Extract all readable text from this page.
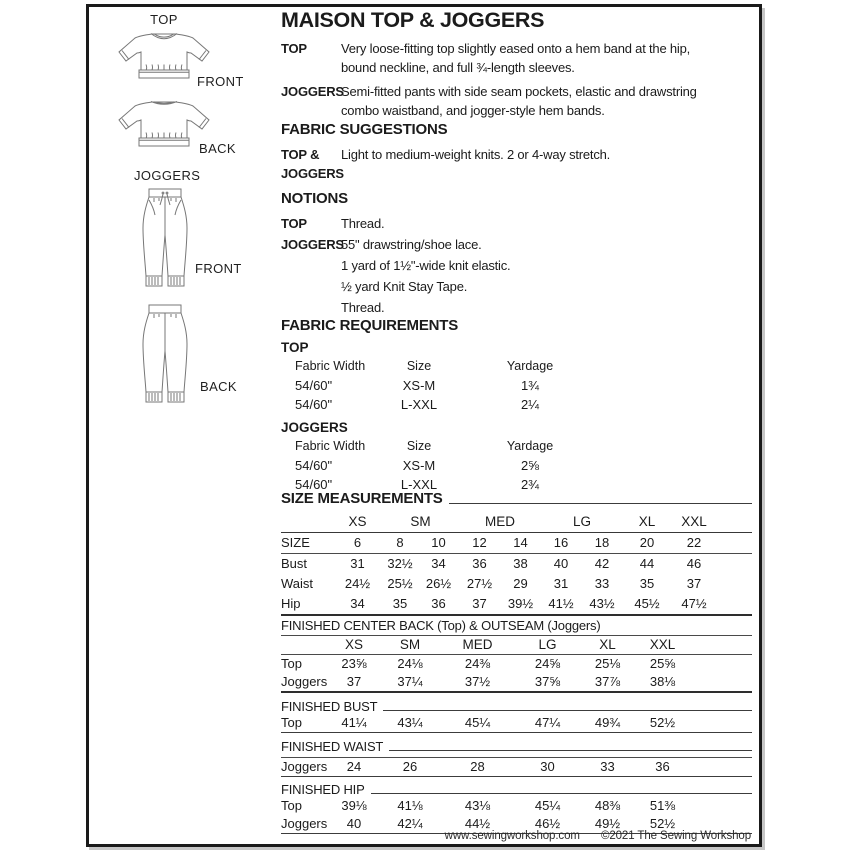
TOP
FRONT
BACK
JOGGERS
FRONT
BACK
MAISON TOP & JOGGERS
TOP	Very loose-fitting top slightly eased onto a hem band at the hip,
bound neckline, and full ¾-length sleeves.
JOGGERS
Semi-fitted pants with side seam pockets, elastic and drawstring
combo waistband, and jogger-style hem bands.
FABRIC SUGGESTIONS
TOP &	Light to medium-weight knits. 2 or 4-way stretch.
JOGGERS
NOTIONS
TOP	Thread.
JOGGERS
55" drawstring/shoe lace.
1 yard of 1½"-wide knit elastic.
½ yard Knit Stay Tape.
Thread.
FABRIC REQUIREMENTS
TOP
Fabric Width	Size	Yardage
54/60"	XS-M	1¾
54/60"	L-XXL	2¼
JOGGERS
Fabric Width	Size	Yardage
54/60"	XS-M	2⅝
54/60"	L-XXL	2¾
SIZE MEASUREMENTS
XS	SM	MED	LG	XL	XXL
SIZE	6	8	10	12	14	16	18	20	22
Bust	31	32½	34	36	38	40	42	44	46
Waist	24½	25½	26½	27½	29	31	33	35	37
Hip	34	35	36	37	39½	41½	43½	45½	47½
FINISHED CENTER BACK (Top) & OUTSEAM (Joggers)
XS	SM	MED	LG	XL	XXL
Top	23⅝	24⅛	24⅜	24⅝	25⅛	25⅝
Joggers	37	37¼	37½	37⅝	37⅞	38⅛
FINISHED BUST
Top	41¼	43¼	45¼	47¼	49¾	52½
FINISHED WAIST
Joggers	24	26	28	30	33	36
FINISHED HIP
Top	39⅛	41⅛	43⅛	45¼	48⅜	51⅜
Joggers	40	42¼	44½	46½	49½	52½
www.sewingworkshop.com ©2021 The Sewing Workshop
